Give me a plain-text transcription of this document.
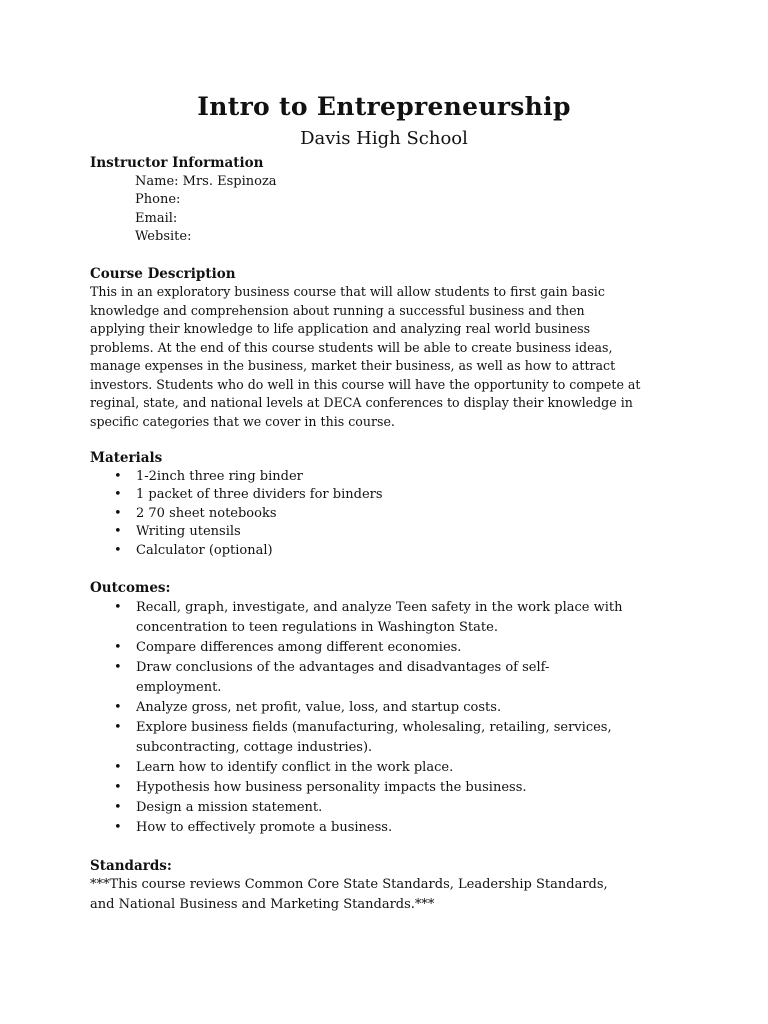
Intro to Entrepreneurship
Davis High School

Instructor Information

Name: Mrs. Espinoza

Phone:

Email:

Website:

Course Description

This in an exploratory business course that will allow students to first gain basic

knowledge and comprehension about running a successful business and then

applying their knowledge to life application and analyzing real world business

problems. At the end of this course students will be able to create business ideas,

manage expenses in the business, market their business, as well as how to attract

investors. Students who do well in this course will have the opportunity to compete at

reginal, state, and national levels at DECA conferences to display their knowledge in

specific categories that we cover in this course.

Materials

• 1-2inch three ring binder
• 1 packet of three dividers for binders
• 2 70 sheet notebooks
• Writing utensils
• Calculator (optional)

Outcomes:

• Recall, graph, investigate, and analyze Teen safety in the work place with
concentration to teen regulations in Washington State.
• Compare differences among different economies.
• Draw conclusions of the advantages and disadvantages of self-
employment.
• Analyze gross, net profit, value, loss, and startup costs.
• Explore business fields (manufacturing, wholesaling, retailing, services,
subcontracting, cottage industries).
• Learn how to identify conflict in the work place.
• Hypothesis how business personality impacts the business.
• Design a mission statement.
• How to effectively promote a business.

Standards:

***This course reviews Common Core State Standards, Leadership Standards,

and National Business and Marketing Standards.***
